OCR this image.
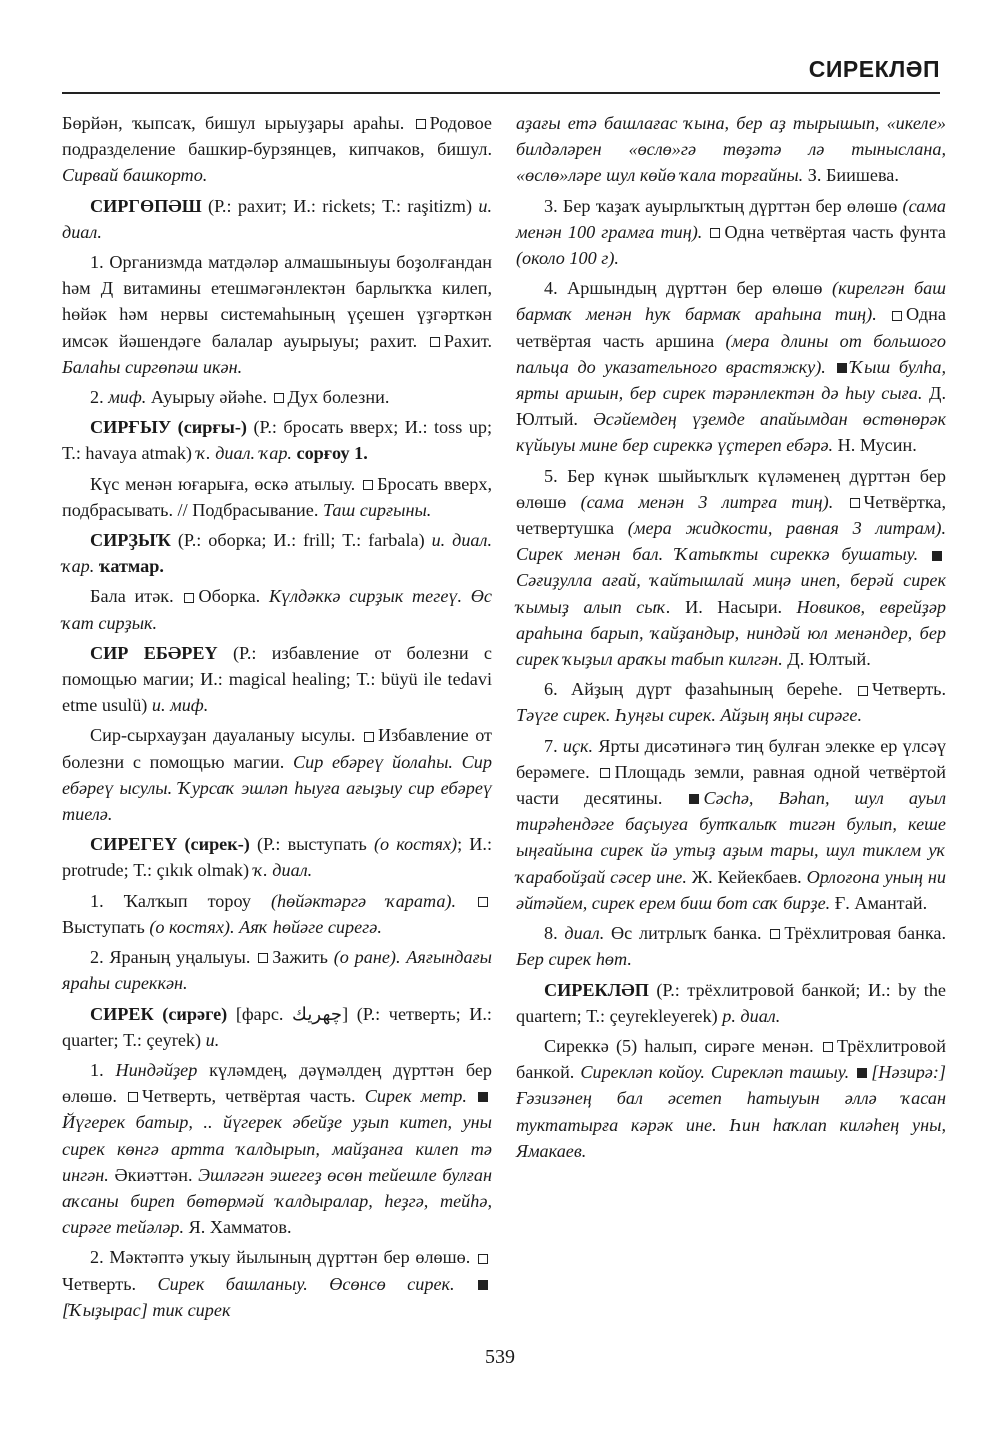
СИРЕКЛӘП

Бөрйән, ҡыпсаҡ, бишул ырыуҙары араһы. Родовое подразделение башкир-бурзянцев, кипчаков, бишул. Сирвай башкорто.

СИРГӨПӘШ (Р.: рахит; И.: rickets; Т.: raşitizm) и. диал.

1. Организмда матдәләр алмашыныуы боҙолғандан һәм Д витамины етешмәгәнлектән барлыҡҡа килеп, һөйәк һәм нервы системаһының үҫешен үҙгәрткән имсәк йәшендәге балалар ауырыуы; рахит. Рахит. Балаһы сиргөпәш икән.

2. миф. Ауырыу әйәһе. Дух болезни.

СИРҒЫУ (сирғы-) (Р.: бросать вверх; И.: toss up; Т.: havaya atmak) ҡ. диал. ҡар. сорғоу 1.

Күс менән юғарыға, өскә атылыу. Бросать вверх, подбрасывать. // Подбрасывание. Таш сирғыны.

СИРҘЫҠ (Р.: оборка; И.: frill; Т.: farbala) и. диал. ҡар. ҡатмар.

Бала итәк. Оборка. Күлдәккә сирҙык тегеү. Өс ҡат сирҙык.

СИР ЕБӘРЕҮ (Р.: избавление от болезни с помощью магии; И.: magical healing; Т.: büyü ile tedavi etme usulü) и. миф.

Сир-сырхауҙан дауаланыу ысулы. Избавление от болезни с помощью магии. Сир ебәреү йолаһы. Сир ебәреү ысулы. Ҡурсаҡ эшләп һыуға ағыҙыу сир ебәреү тиелә.

СИРЕГЕҮ (сирек-) (Р.: выступать (о костях); И.: protrude; Т.: çıkık olmak) ҡ. диал.

1. Ҡалҡып тороу (һөйәктәргә ҡарата). Выступать (о костях). Аяҡ һөйәге сирегә.

2. Яраның уңалыуы. Зажить (о ране). Аяғындағы яраһы сиреккән.

СИРЕК (сирәге) [фарс. چهريك] (Р.: четверть; И.: quarter; Т.: çeyrek) и.

1. Ниндәйҙер күләмдең, дәүмәлдең дүрттән бер өлөшө. Четверть, четвёртая часть. Сирек метр. Йүгерек батыр, .. йүгерек әбейҙе уҙып китеп, уны сирек көнгә артта ҡалдырып, майҙанға килеп тә ингән. Әкиәттән. Эшләгән эшегеҙ өсөн тейешле булған аҡсаны биреп бөтөрмәй ҡалдыралар, һеҙгә, тейһә, сирәге тейәләр. Я. Хамматов.

2. Мәктәптә уҡыу йылының дүрттән бер өлөшө. Четверть. Сирек башланыу. Өсөнсө сирек. [Ҡыҙырас] тик сирек

аҙағы етә башлағас ҡына, бер аҙ тырышып, «икеле» билдәләрен «өслө»гә төҙәтә лә тынысланa, «өслө»ләре шул көйө ҡала торғайны. З. Биишева.

3. Бер ҡаҙаҡ ауырлыҡтың дүрттән бер өлөшө (сама менән 100 грамға тиң). Одна четвёртая часть фунта (около 100 г).

4. Аршындың дүрттән бер өлөшө (кирелгән баш бармаҡ менән һуҡ бармаҡ араһына тиң). Одна четвёртая часть аршина (мера длины от большого пальца до указательного врастяжку). Ҡыш булһа, ярты аршын, бер сирек тәрәнлектән дә һыу сыға. Д. Юлтый. Әсәйемдең үҙемде апайымдан өстөнөрәк күйыуы мине бер сиреккә үҫтереп ебәрә. Н. Мусин.

5. Бер күнәк шыйыҡлыҡ күләменең дүрттән бер өлөшө (сама менән 3 литрға тиң). Четвёртка, четвертушка (мера жидкости, равная 3 литрам). Сирек менән бал. Ҡатыҡты сиреккә бушатыу. Сәғиҙулла ағай, ҡайтышлай миңә инеп, берәй сирек ҡымыҙ алып сыҡ. И. Насыри. Новиков, еврейҙәр араһына барып, ҡайҙандыр, ниндәй юл менәндер, бер сирек ҡыҙыл араҡы табып килгән. Д. Юлтый.

6. Айҙың дүрт фазаһының береһе. Четверть. Тәүге сирек. Һуңғы сирек. Айҙың яңы сирәге.

7. иҫк. Ярты дисәтинәгә тиң булған элекке ер үлсәү берәмеге. Площадь земли, равная одной четвёртой части десятины. Сәсһә, Вәһап, шул ауыл тирәһендәге баҫыуға бутҡалыҡ тигән булып, кеше ыңғайына сирек йә утыҙ аҙым тары, шул тиклем уҡ ҡарабойҙай сәсер ине. Ж. Кейекбаев. Орлоғона уның ни әйтәйем, сирек ерем биш бот саҡ бирҙе. Ғ. Амантай.

8. диал. Өс литрлыҡ банка. Трёхлитровая банка. Бер сирек һөт.

СИРЕКЛӘП (Р.: трёхлитровой банкой; И.: by the quartern; Т.: çeyrekleyerek) р. диал.

Сиреккә (5) һалып, сирәге менән. Трёхлитровой банкой. Сирекләп койоу. Сирекләп ташыу. [Нәзирә:] Ғәзизәнең бал әсетеп һатыуын әллә ҡасан туктатырға кәрәк ине. Һин һаҡлап киләһең уны, Ямакаев.

539
